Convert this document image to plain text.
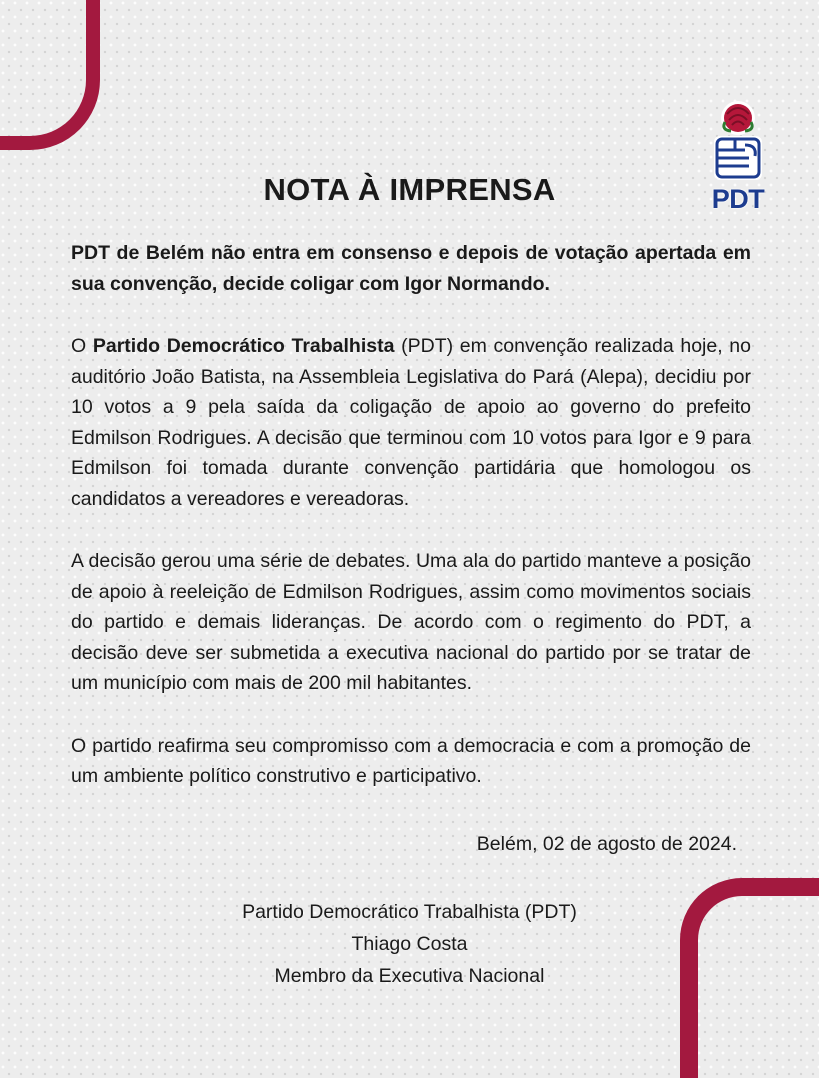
PDT
NOTA À IMPRENSA

PDT de Belém não entra em consenso e depois de votação apertada em sua convenção, decide coligar com Igor Normando.

O Partido Democrático Trabalhista (PDT) em convenção realizada hoje, no auditório João Batista, na Assembleia Legislativa do Pará (Alepa), decidiu por 10 votos a 9 pela saída da coligação de apoio ao governo do prefeito Edmilson Rodrigues. A decisão que terminou com 10 votos para Igor e 9 para Edmilson foi tomada durante convenção partidária que homologou os candidatos a vereadores e vereadoras.

A decisão gerou uma série de debates. Uma ala do partido manteve a posição de apoio à reeleição de Edmilson Rodrigues, assim como movimentos sociais do partido e demais lideranças. De acordo com o regimento do PDT, a decisão deve ser submetida a executiva nacional do partido por se tratar de um município com mais de 200 mil habitantes.

O partido reafirma seu compromisso com a democracia e com a promoção de um ambiente político construtivo e participativo.

Belém, 02 de agosto de 2024.
Partido Democrático Trabalhista (PDT)
Thiago Costa
Membro da Executiva Nacional
